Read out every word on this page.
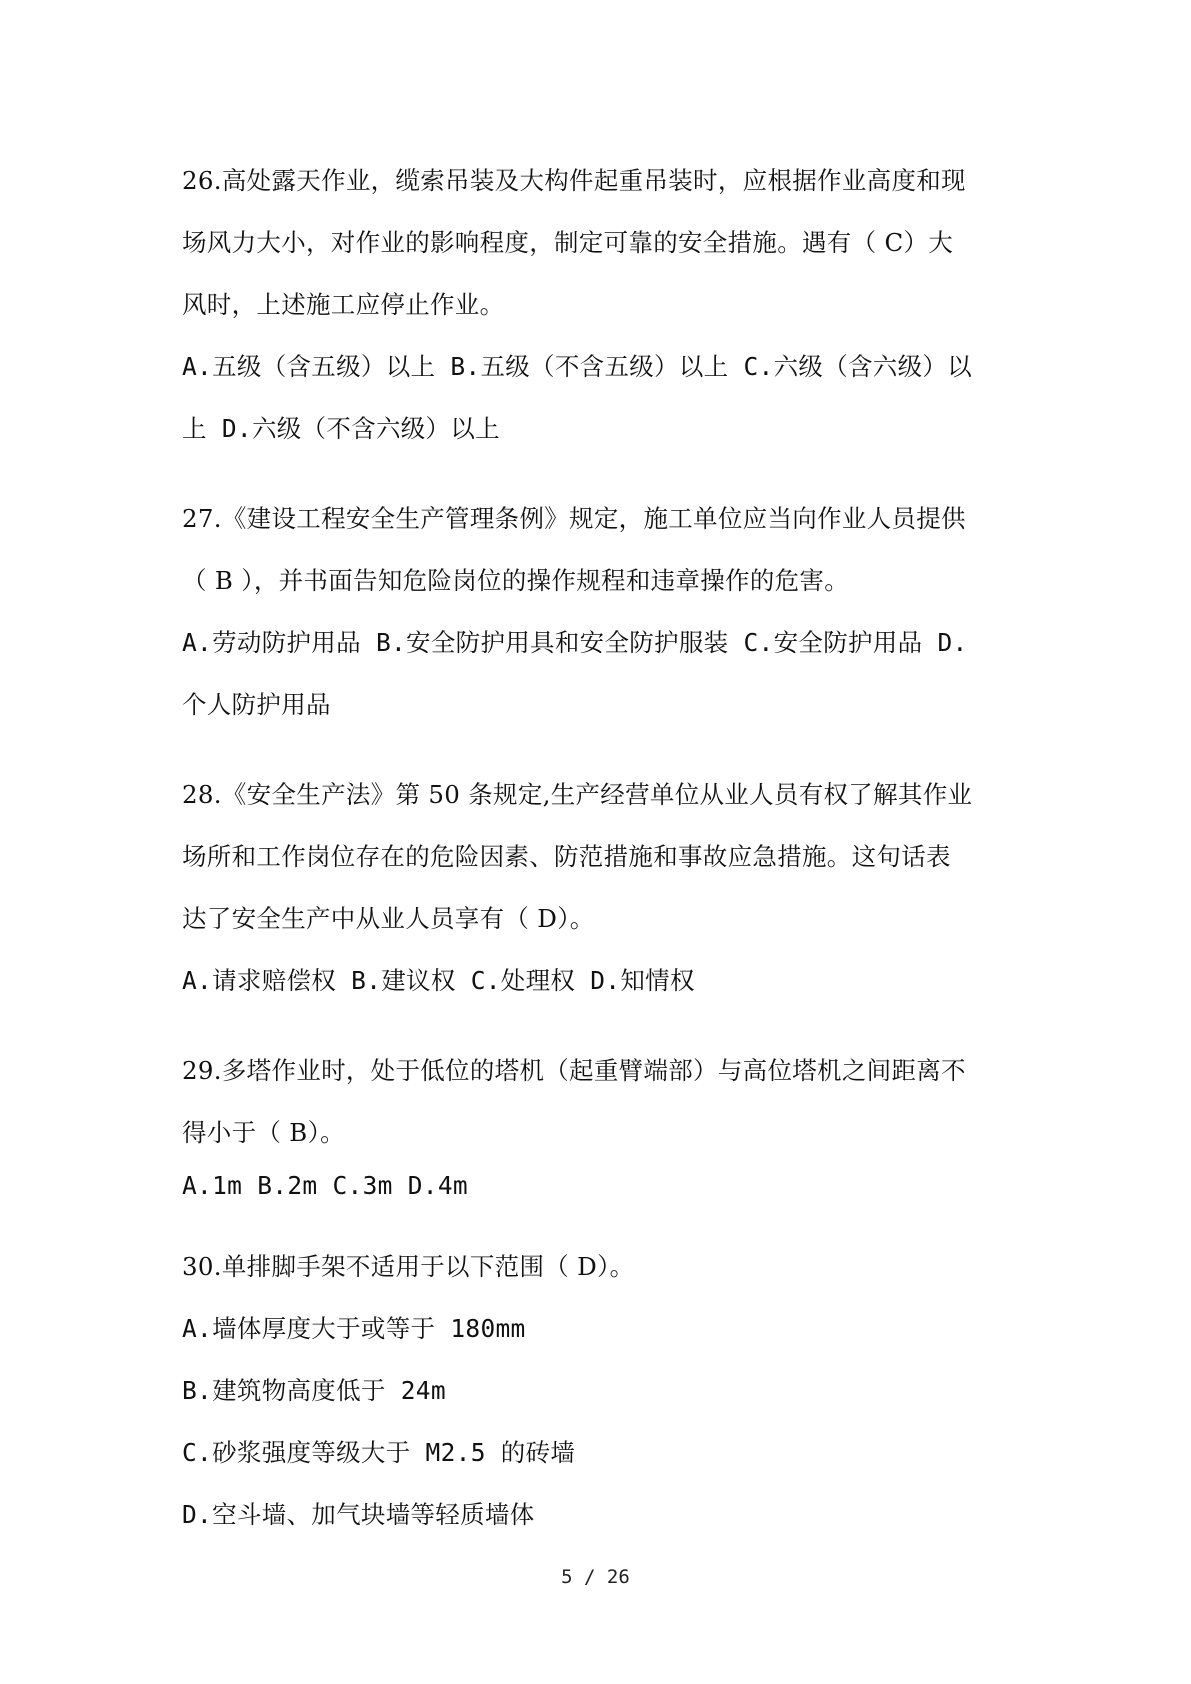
26.高处露天作业，缆索吊装及大构件起重吊装时，应根据作业高度和现
场风力大小，对作业的影响程度，制定可靠的安全措施。遇有（ C）大
风时，上述施工应停止作业。
A.五级（含五级）以上 B.五级（不含五级）以上 C.六级（含六级）以
上 D.六级（不含六级）以上
27.《建设工程安全生产管理条例》规定，施工单位应当向作业人员提供
（ B ），并书面告知危险岗位的操作规程和违章操作的危害。
A.劳动防护用品 B.安全防护用具和安全防护服装 C.安全防护用品 D.
个人防护用品
28.《安全生产法》第 50 条规定,生产经营单位从业人员有权了解其作业
场所和工作岗位存在的危险因素、防范措施和事故应急措施。这句话表
达了安全生产中从业人员享有（ D）。
A.请求赔偿权 B.建议权 C.处理权 D.知情权
29.多塔作业时，处于低位的塔机（起重臂端部）与高位塔机之间距离不
得小于（ B）。
A.1m B.2m C.3m D.4m
30.单排脚手架不适用于以下范围（ D）。
A.墙体厚度大于或等于 180mm
B.建筑物高度低于 24m
C.砂浆强度等级大于 M2.5 的砖墙
D.空斗墙、加气块墙等轻质墙体
5 / 26
